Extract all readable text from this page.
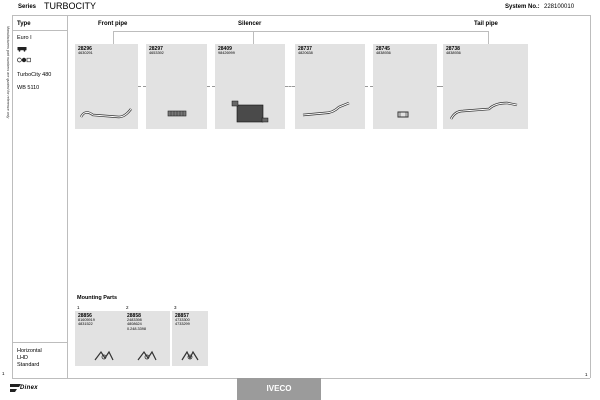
Series TURBOCITY	System No.: 228100010
Manufacturers part numbers are quoted for reference only
Type
Euro I
TurboCity 480
WB 5110
Front pipe	Silencer	Tail pipe
28296
4630291
28297
4653392
28409
98426999
28737
4820638
28745
4838936
28738
4838936
Mounting Parts
1
28856
81605919
4831522
2
28858
2483398
4808624
0.248.3398
3
28857
4733300
4733299
Horizontal
LHD
Standard
1	1
Dinex	IVECO
